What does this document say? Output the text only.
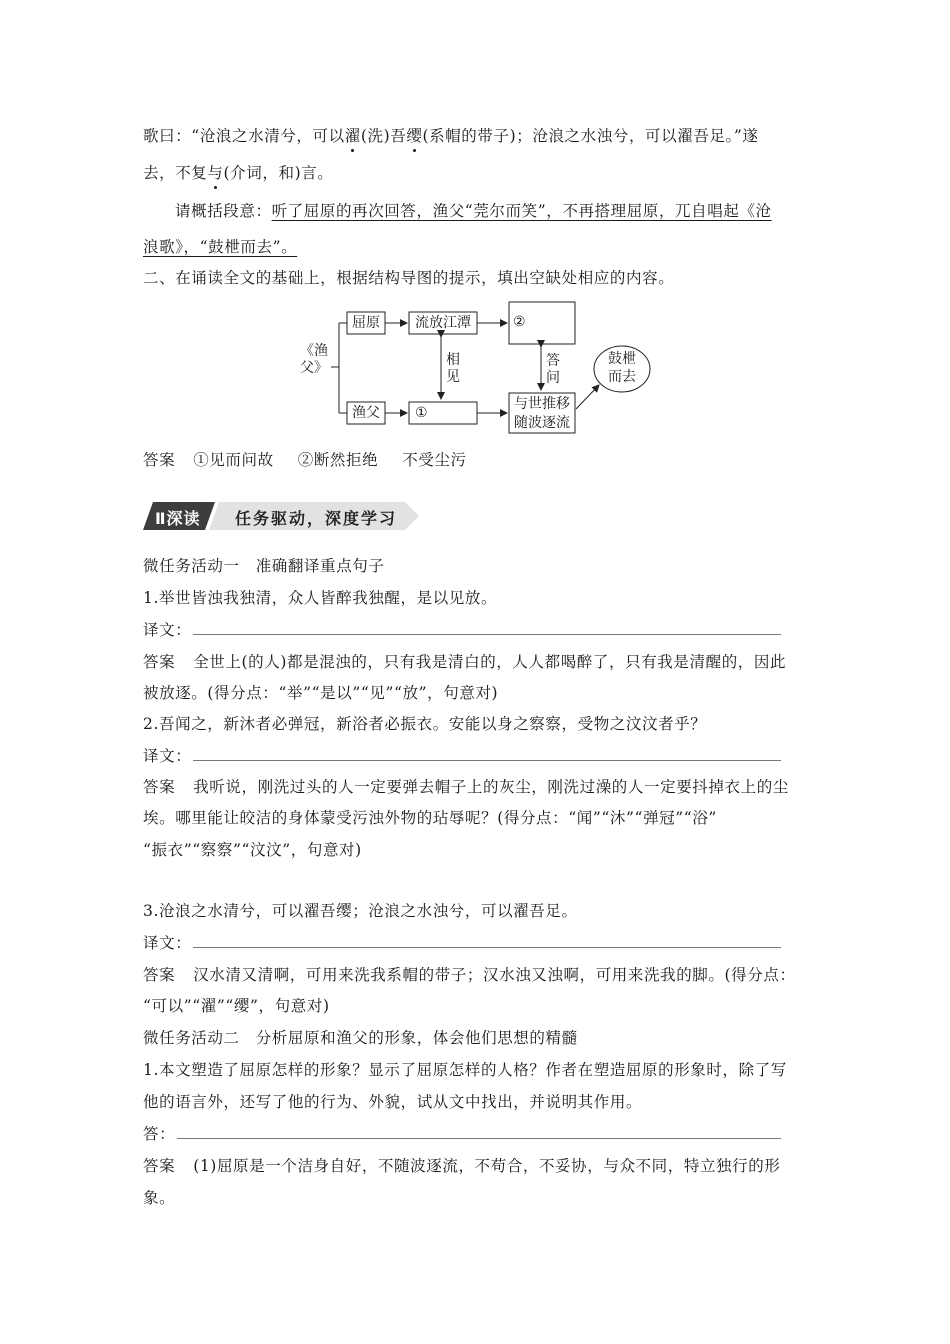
歌曰：“沧浪之水清兮，可以濯(洗)吾缨(系帽的带子)；沧浪之水浊兮，可以濯吾足。”遂
去，不复与(介词，和)言。
请概括段意：听了屈原的再次回答，渔父“莞尔而笑”，不再搭理屈原，兀自唱起《沧
浪歌》，“鼓枻而去”。
二、在诵读全文的基础上，根据结构导图的提示，填出空缺处相应的内容。
《渔父》
屈原
渔父
流放江潭
①
②
相见
答问
与世推移
随波逐流
鼓枻
而去
答案 ①见而问故 ②断然拒绝 不受尘污
Ⅱ深读 任务驱动，深度学习
微任务活动一　准确翻译重点句子
1.举世皆浊我独清，众人皆醉我独醒，是以见放。
译文：
答案 全世上(的人)都是混浊的，只有我是清白的，人人都喝醉了，只有我是清醒的，因此
被放逐。(得分点：“举”“是以”“见”“放”，句意对)
2.吾闻之，新沐者必弹冠，新浴者必振衣。安能以身之察察，受物之汶汶者乎？
译文：
答案 我听说，刚洗过头的人一定要弹去帽子上的灰尘，刚洗过澡的人一定要抖掉衣上的尘
埃。哪里能让皎洁的身体蒙受污浊外物的玷辱呢？(得分点：“闻”“沐”“弹冠”“浴”
“振衣”“察察”“汶汶”，句意对)
3.沧浪之水清兮，可以濯吾缨；沧浪之水浊兮，可以濯吾足。
译文：
答案 汉水清又清啊，可用来洗我系帽的带子；汉水浊又浊啊，可用来洗我的脚。(得分点：
“可以”“濯”“缨”，句意对)
微任务活动二　分析屈原和渔父的形象，体会他们思想的精髓
1.本文塑造了屈原怎样的形象？显示了屈原怎样的人格？作者在塑造屈原的形象时，除了写
他的语言外，还写了他的行为、外貌，试从文中找出，并说明其作用。
答：
答案 (1)屈原是一个洁身自好，不随波逐流，不苟合，不妥协，与众不同，特立独行的形
象。
